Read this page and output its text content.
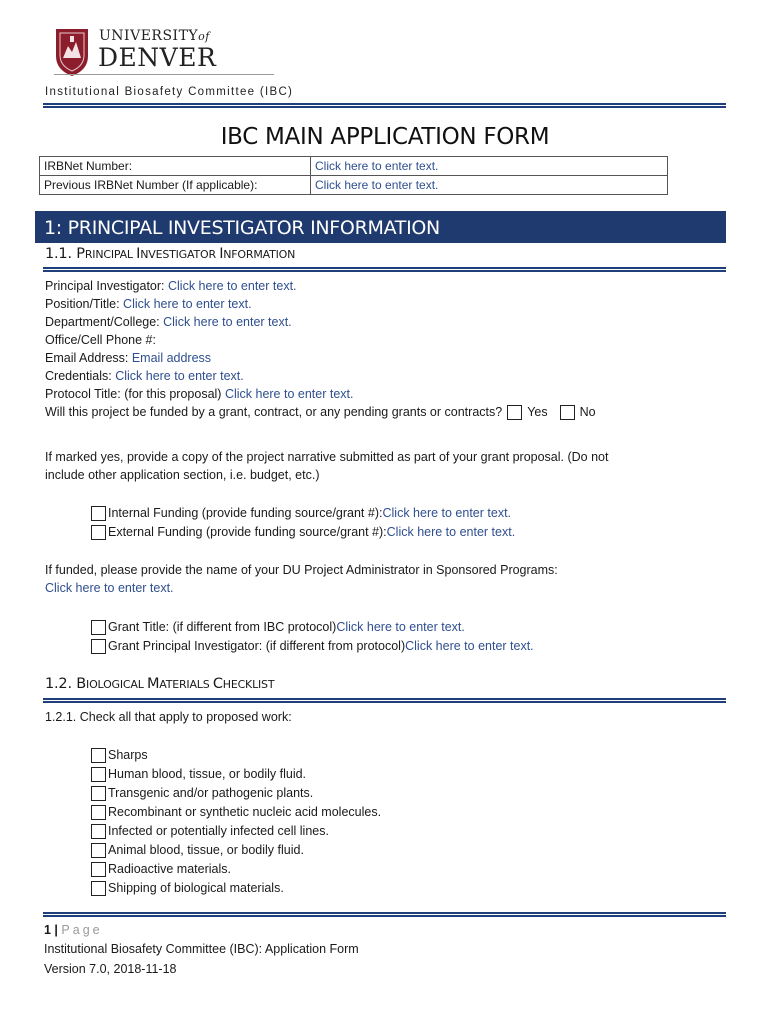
UNIVERSITYof
DENVER
Institutional Biosafety Committee (IBC)
IBC MAIN APPLICATION FORM
IRBNet Number:	Click here to enter text.
Previous IRBNet Number (If applicable):	Click here to enter text.
1: PRINCIPAL INVESTIGATOR INFORMATION
1.1. PRINCIPAL INVESTIGATOR INFORMATION
Principal Investigator: Click here to enter text.
Position/Title: Click here to enter text.
Department/College: Click here to enter text.
Office/Cell Phone #:
Email Address: Email address
Credentials: Click here to enter text.
Protocol Title: (for this proposal) Click here to enter text.
Will this project be funded by a grant, contract, or any pending grants or contracts? Yes	No
If marked yes, provide a copy of the project narrative submitted as part of your grant proposal. (Do not
include other application section, i.e. budget, etc.)
Internal Funding (provide funding source/grant #): Click here to enter text.
External Funding (provide funding source/grant #): Click here to enter text.
If funded, please provide the name of your DU Project Administrator in Sponsored Programs:
Click here to enter text.
Grant Title: (if different from IBC protocol) Click here to enter text.
Grant Principal Investigator: (if different from protocol) Click here to enter text.
1.2. BIOLOGICAL MATERIALS CHECKLIST
1.2.1. Check all that apply to proposed work:
Sharps
Human blood, tissue, or bodily fluid.
Transgenic and/or pathogenic plants.
Recombinant or synthetic nucleic acid molecules.
Infected or potentially infected cell lines.
Animal blood, tissue, or bodily fluid.
Radioactive materials.
Shipping of biological materials.
1 | Page
Institutional Biosafety Committee (IBC): Application Form
Version 7.0, 2018-11-18
